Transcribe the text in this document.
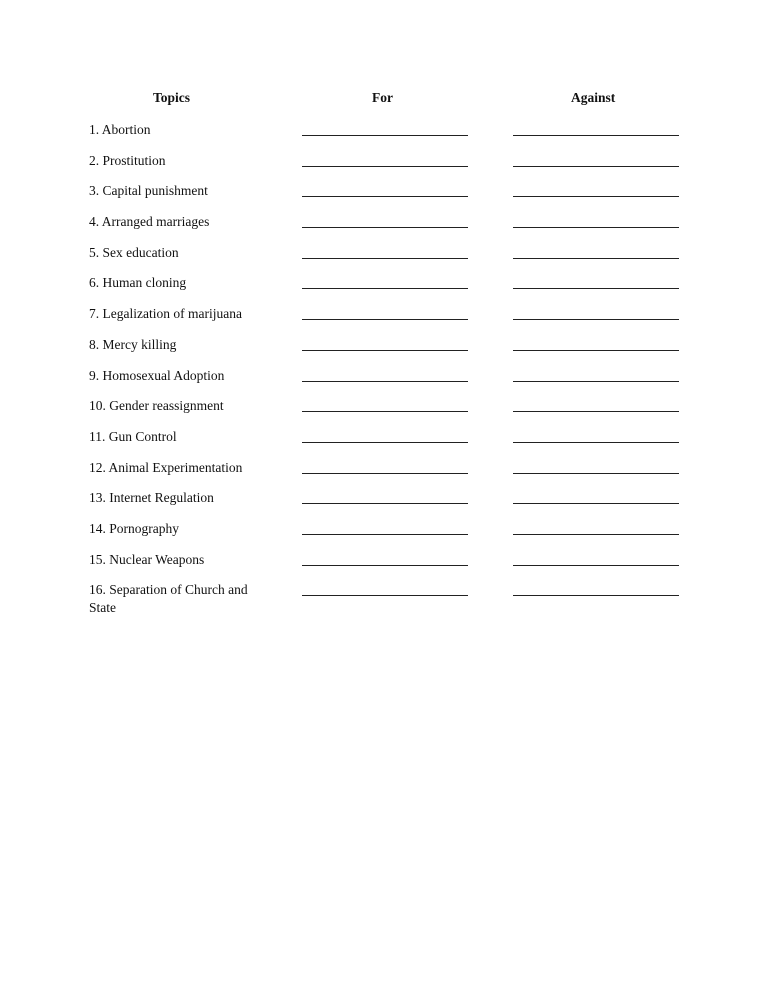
Topics	For	Against
1. Abortion
2. Prostitution
3. Capital punishment
4. Arranged marriages
5. Sex education
6. Human cloning
7. Legalization of marijuana
8. Mercy killing
9. Homosexual Adoption
10. Gender reassignment
11. Gun Control
12. Animal Experimentation
13. Internet Regulation
14. Pornography
15. Nuclear Weapons
16. Separation of Church and State
